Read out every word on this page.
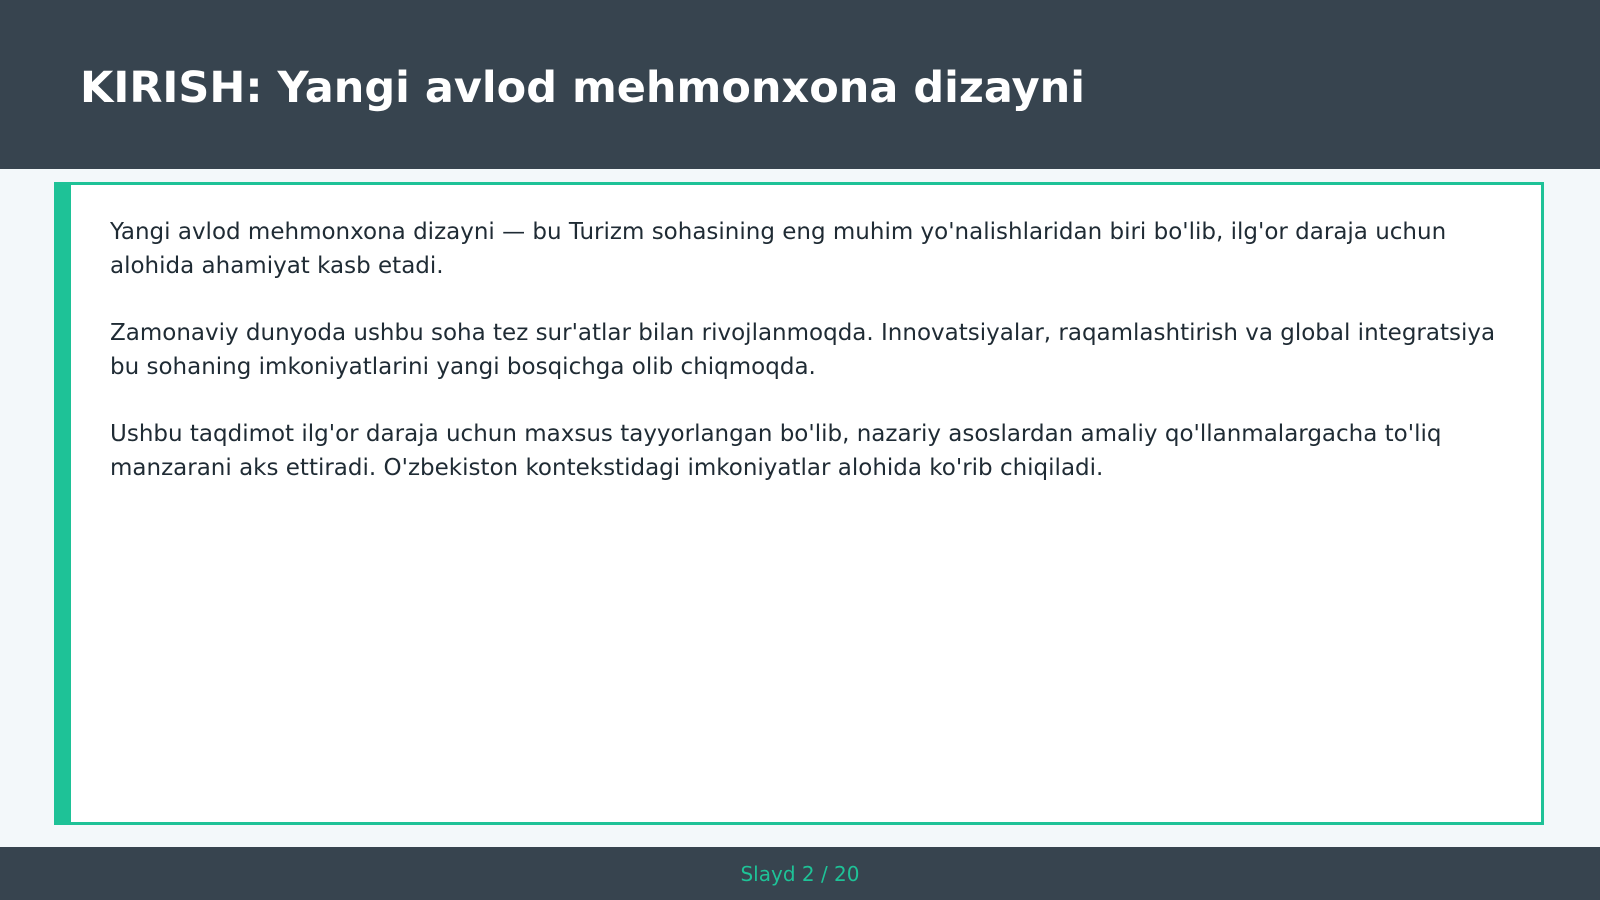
KIRISH: Yangi avlod mehmonxona dizayni

Yangi avlod mehmonxona dizayni — bu Turizm sohasining eng muhim yo'nalishlaridan biri bo'lib, ilg'or daraja uchun alohida ahamiyat kasb etadi.

Zamonaviy dunyoda ushbu soha tez sur'atlar bilan rivojlanmoqda. Innovatsiyalar, raqamlashtirish va global integratsiya bu sohaning imkoniyatlarini yangi bosqichga olib chiqmoqda.

Ushbu taqdimot ilg'or daraja uchun maxsus tayyorlangan bo'lib, nazariy asoslardan amaliy qo'llanmalargacha to'liq manzarani aks ettiradi. O'zbekiston kontekstidagi imkoniyatlar alohida ko'rib chiqiladi.

Slayd 2 / 20
